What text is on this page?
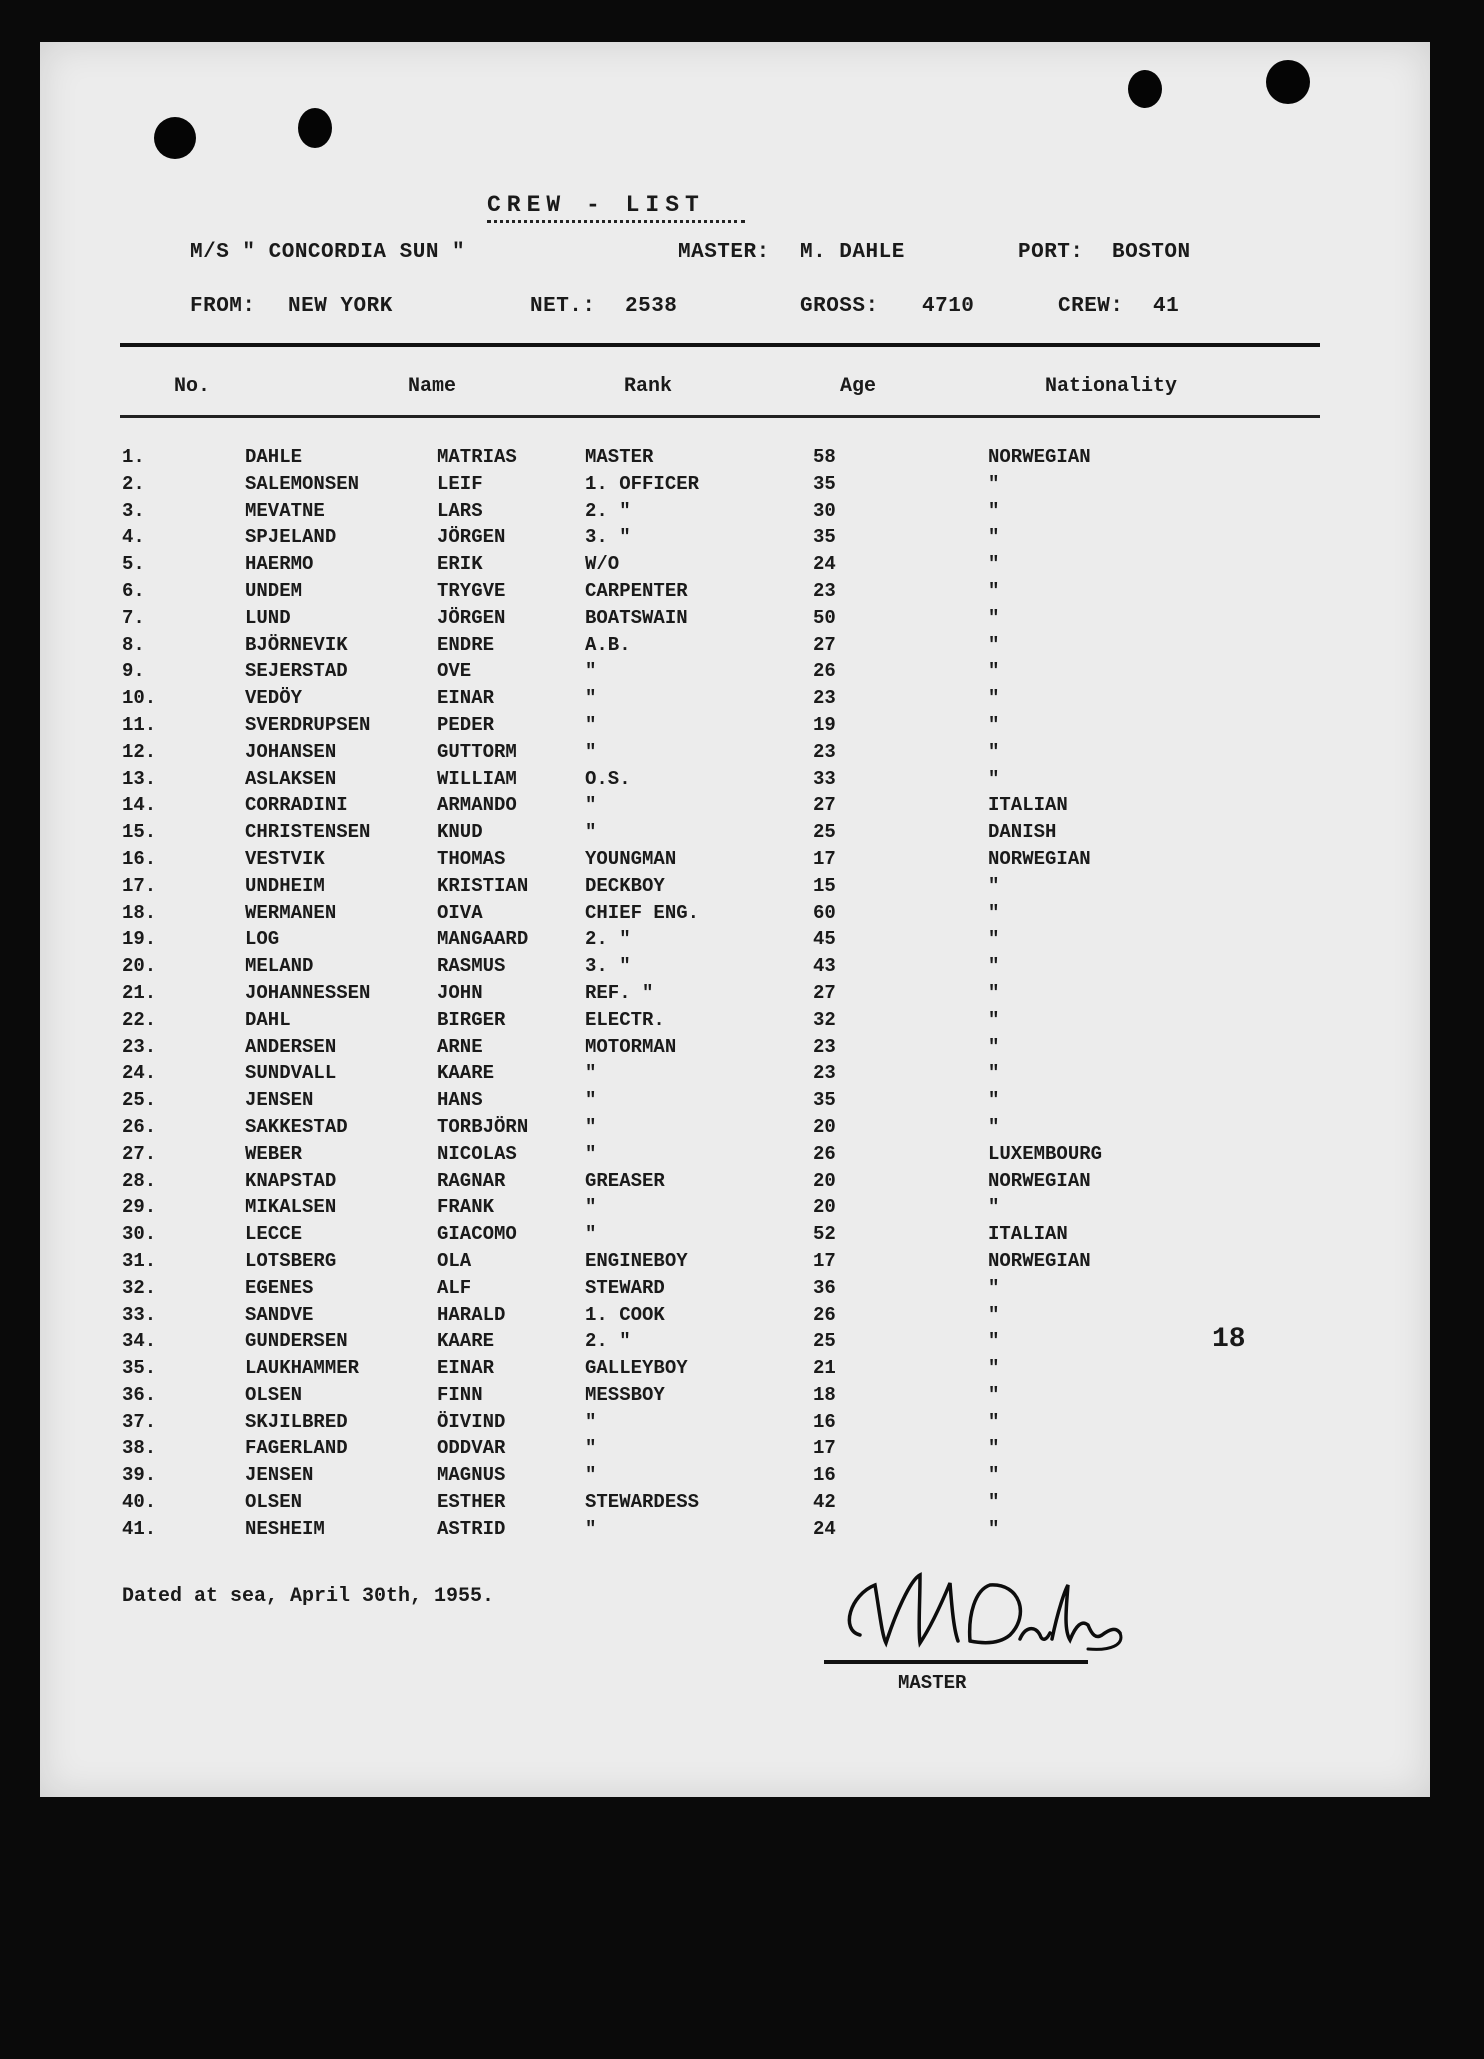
CREW - LIST
M/S " CONCORDIA SUN "	MASTER: M. DAHLE	PORT: BOSTON
FROM: NEW YORK	NET.: 2538	GROSS: 4710	CREW: 41
No.	Name	Rank	Age	Nationality
1.	DAHLE	MATRIAS	MASTER	58	NORWEGIAN
2.	SALEMONSEN	LEIF	1. OFFICER	35	"
3.	MEVATNE	LARS	2. "	30	"
4.	SPJELAND	JÖRGEN	3. "	35	"
5.	HAERMO	ERIK	W/O	24	"
6.	UNDEM	TRYGVE	CARPENTER	23	"
7.	LUND	JÖRGEN	BOATSWAIN	50	"
8.	BJÖRNEVIK	ENDRE	A.B.	27	"
9.	SEJERSTAD	OVE	"	26	"
10.	VEDÖY	EINAR	"	23	"
11.	SVERDRUPSEN	PEDER	"	19	"
12.	JOHANSEN	GUTTORM	"	23	"
13.	ASLAKSEN	WILLIAM	O.S.	33	"
14.	CORRADINI	ARMANDO	"	27	ITALIAN
15.	CHRISTENSEN	KNUD	"	25	DANISH
16.	VESTVIK	THOMAS	YOUNGMAN	17	NORWEGIAN
17.	UNDHEIM	KRISTIAN	DECKBOY	15	"
18.	WERMANEN	OIVA	CHIEF ENG.	60	"
19.	LOG	MANGAARD	2. "	45	"
20.	MELAND	RASMUS	3. "	43	"
21.	JOHANNESSEN	JOHN	REF. "	27	"
22.	DAHL	BIRGER	ELECTR.	32	"
23.	ANDERSEN	ARNE	MOTORMAN	23	"
24.	SUNDVALL	KAARE	"	23	"
25.	JENSEN	HANS	"	35	"
26.	SAKKESTAD	TORBJÖRN	"	20	"
27.	WEBER	NICOLAS	"	26	LUXEMBOURG
28.	KNAPSTAD	RAGNAR	GREASER	20	NORWEGIAN
29.	MIKALSEN	FRANK	"	20	"
30.	LECCE	GIACOMO	"	52	ITALIAN
31.	LOTSBERG	OLA	ENGINEBOY	17	NORWEGIAN
32.	EGENES	ALF	STEWARD	36	"
33.	SANDVE	HARALD	1. COOK	26	"
34.	GUNDERSEN	KAARE	2. "	25	"
35.	LAUKHAMMER	EINAR	GALLEYBOY	21	"
36.	OLSEN	FINN	MESSBOY	18	"
37.	SKJILBRED	ÖIVIND	"	16	"
38.	FAGERLAND	ODDVAR	"	17	"
39.	JENSEN	MAGNUS	"	16	"
40.	OLSEN	ESTHER	STEWARDESS	42	"
41.	NESHEIM	ASTRID	"	24	"
Dated at sea, April 30th, 1955.
MASTER
18
